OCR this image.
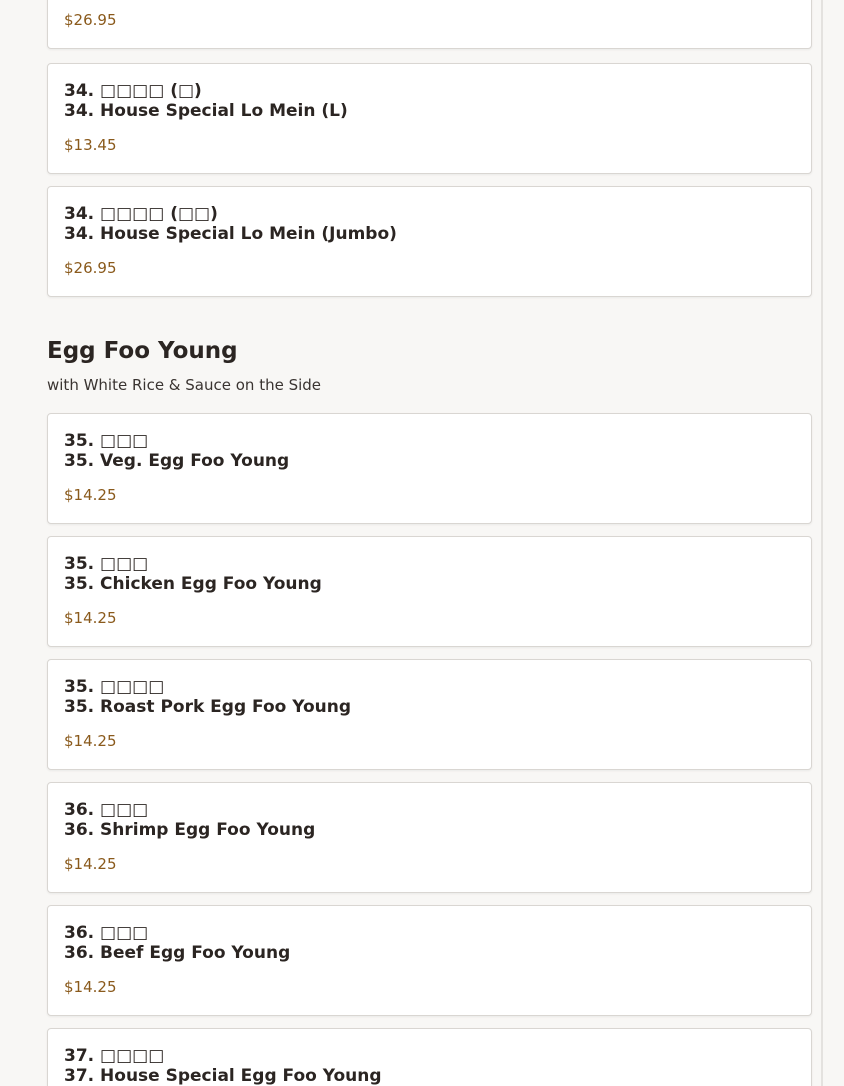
$26.95
34. □□□□ (□)
34. House Special Lo Mein (L)
$13.45
34. □□□□ (□□)
34. House Special Lo Mein (Jumbo)
$26.95
Egg Foo Young

with White Rice & Sauce on the Side

35. □□□
35. Veg. Egg Foo Young
$14.25
35. □□□
35. Chicken Egg Foo Young
$14.25
35. □□□□
35. Roast Pork Egg Foo Young
$14.25
36. □□□
36. Shrimp Egg Foo Young
$14.25
36. □□□
36. Beef Egg Foo Young
$14.25
37. □□□□
37. House Special Egg Foo Young
